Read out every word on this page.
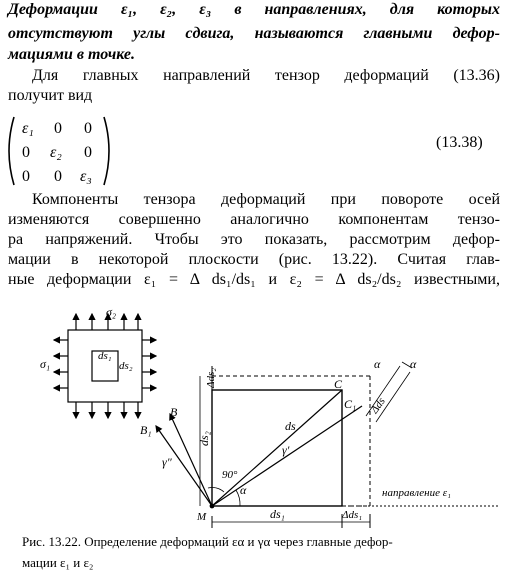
Деформации ε₁, ε₂, ε₃ в направлениях, для которых

отсутствуют углы сдвига, называются главными дефор-

мациями в точке.

Для главных направлений тензор деформаций (13.36)

получит вид

ε₁ 0 0
0 ε₂ 0
0 0 ε₃
(13.38)

Компоненты тензора деформаций при повороте осей

изменяются совершенно аналогично компонентам тензо-

ра напряжений. Чтобы это показать, рассмотрим дефор-

мации в некоторой плоскости (рис. 13.22). Считая глав-

ные деформации ε₁ = Δ ds₁/ds₁ и ε₂ = Δ ds₂/ds₂ известными,

σ₂
σ₁
ds₁
ds₂
Δds₂
ds₂
C
C₁
α α
Δds
ds
γ′
γ″
B
B₁
90°
α
M	ds₁	Δds₁
направление ε₁
Рис. 13.22. Определение деформаций εα и γα через главные дефор-
мации ε₁ и ε₂
